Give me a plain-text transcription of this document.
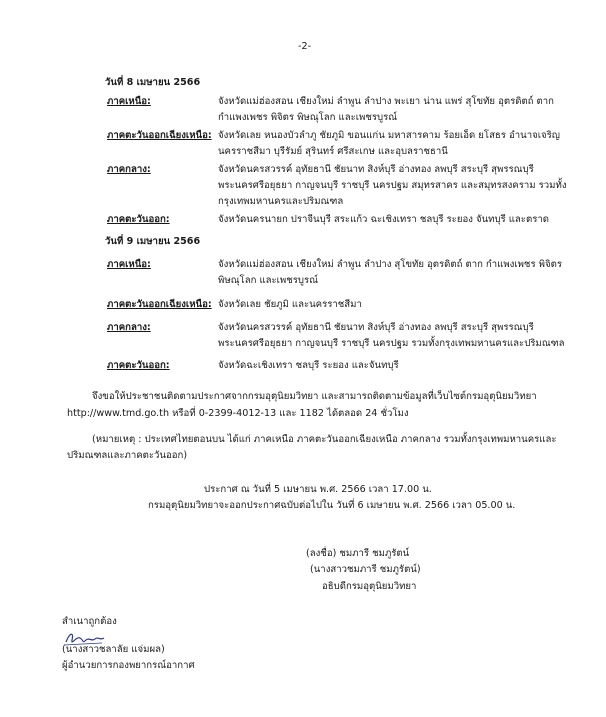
-2-
วันที่ 8 เมษายน 2566
ภาคเหนือ:	จังหวัดแม่ฮ่องสอน เชียงใหม่ ลำพูน ลำปาง พะเยา น่าน แพร่ สุโขทัย อุตรดิตถ์ ตาก
กำแพงเพชร พิจิตร พิษณุโลก และเพชรบูรณ์
ภาคตะวันออกเฉียงเหนือ: จังหวัดเลย หนองบัวลำภู ชัยภูมิ ขอนแก่น มหาสารคาม ร้อยเอ็ด ยโสธร อำนาจเจริญ
นครราชสีมา บุรีรัมย์ สุรินทร์ ศรีสะเกษ และอุบลราชธานี
ภาคกลาง:	จังหวัดนครสวรรค์ อุทัยธานี ชัยนาท สิงห์บุรี อ่างทอง ลพบุรี สระบุรี สุพรรณบุรี
พระนครศรีอยุธยา กาญจนบุรี ราชบุรี นครปฐม สมุทรสาคร และสมุทรสงคราม รวมทั้ง
กรุงเทพมหานครและปริมณฑล
ภาคตะวันออก:	จังหวัดนครนายก ปราจีนบุรี สระแก้ว ฉะเชิงเทรา ชลบุรี ระยอง จันทบุรี และตราด
วันที่ 9 เมษายน 2566
ภาคเหนือ:	จังหวัดแม่ฮ่องสอน เชียงใหม่ ลำพูน ลำปาง สุโขทัย อุตรดิตถ์ ตาก กำแพงเพชร พิจิตร
พิษณุโลก และเพชรบูรณ์
ภาคตะวันออกเฉียงเหนือ: จังหวัดเลย ชัยภูมิ และนครราชสีมา
ภาคกลาง:	จังหวัดนครสวรรค์ อุทัยธานี ชัยนาท สิงห์บุรี อ่างทอง ลพบุรี สระบุรี สุพรรณบุรี
พระนครศรีอยุธยา กาญจนบุรี ราชบุรี นครปฐม รวมทั้งกรุงเทพมหานครและปริมณฑล
ภาคตะวันออก:	จังหวัดฉะเชิงเทรา ชลบุรี ระยอง และจันทบุรี
จึงขอให้ประชาชนติดตามประกาศจากกรมอุตุนิยมวิทยา และสามารถติดตามข้อมูลที่เว็บไซต์กรมอุตุนิยมวิทยา
http://www.tmd.go.th หรือที่ 0-2399-4012-13 และ 1182 ได้ตลอด 24 ชั่วโมง
(หมายเหตุ : ประเทศไทยตอนบน ได้แก่ ภาคเหนือ ภาคตะวันออกเฉียงเหนือ ภาคกลาง รวมทั้งกรุงเทพมหานครและ
ปริมณฑลและภาคตะวันออก)
ประกาศ ณ วันที่ 5 เมษายน พ.ศ. 2566 เวลา 17.00 น.
กรมอุตุนิยมวิทยาจะออกประกาศฉบับต่อไปใน วันที่ 6 เมษายน พ.ศ. 2566 เวลา 05.00 น.
(ลงชื่อ) ชมภารี ชมภูรัตน์
(นางสาวชมภารี ชมภูรัตน์)
อธิบดีกรมอุตุนิยมวิทยา
สำเนาถูกต้อง
(นางสาวชลาลัย แจ่มผล)
ผู้อำนวยการกองพยากรณ์อากาศ
